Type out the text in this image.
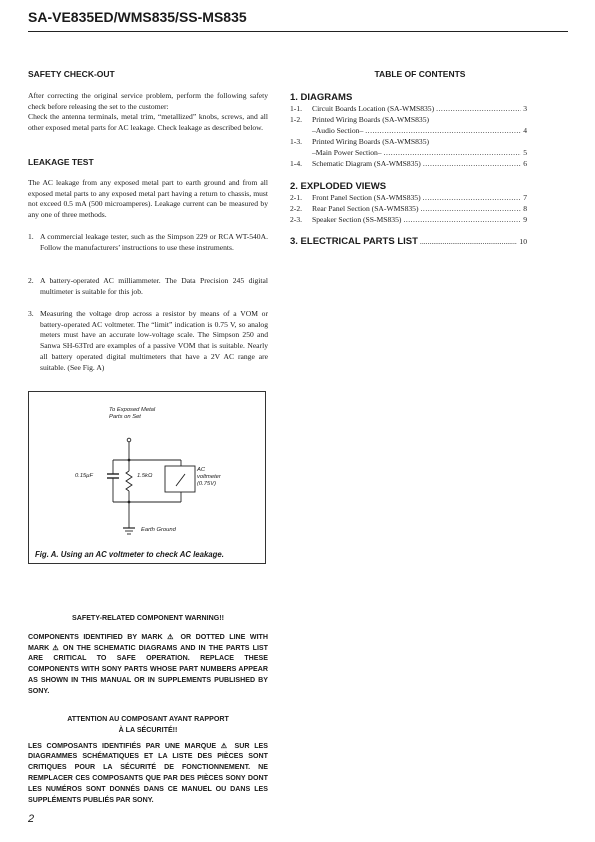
SA-VE835ED/WMS835/SS-MS835
SAFETY CHECK-OUT
After correcting the original service problem, perform the following safety check before releasing the set to the customer:
Check the antenna terminals, metal trim, “metallized” knobs, screws, and all other exposed metal parts for AC leakage. Check leakage as described below.
LEAKAGE TEST
The AC leakage from any exposed metal part to earth ground and from all exposed metal parts to any exposed metal part having a return to chassis, must not exceed 0.5 mA (500 microamperes). Leakage current can be measured by any one of three methods.
1. A commercial leakage tester, such as the Simpson 229 or RCA WT-540A. Follow the manufacturers’ instructions to use these instruments.
2. A battery-operated AC milliammeter. The Data Precision 245 digital multimeter is suitable for this job.
3. Measuring the voltage drop across a resistor by means of a VOM or battery-operated AC voltmeter. The “limit” indication is 0.75 V, so analog meters must have an accurate low-voltage scale. The Simpson 250 and Sanwa SH-63Trd are examples of a passive VOM that is suitable. Nearly all battery operated digital multimeters that have a 2V AC range are suitable. (See Fig. A)
To Exposed Metal
Parts on Set
0.15μF	1.5kΩ
AC
voltmeter
(0.75V)
Earth Ground
Fig. A. Using an AC voltmeter to check AC leakage.
SAFETY-RELATED COMPONENT WARNING!!
COMPONENTS IDENTIFIED BY MARK ⚠ OR DOTTED LINE WITH MARK ⚠ ON THE SCHEMATIC DIAGRAMS AND IN THE PARTS LIST ARE CRITICAL TO SAFE OPERATION. REPLACE THESE COMPONENTS WITH SONY PARTS WHOSE PART NUMBERS APPEAR AS SHOWN IN THIS MANUAL OR IN SUPPLEMENTS PUBLISHED BY SONY.
ATTENTION AU COMPOSANT AYANT RAPPORT
À LA SÉCURITÉ!!
LES COMPOSANTS IDENTIFIÉS PAR UNE MARQUE ⚠ SUR LES DIAGRAMMES SCHÉMATIQUES ET LA LISTE DES PIÈCES SONT CRITIQUES POUR LA SÉCURITÉ DE FONCTIONNEMENT. NE REMPLACER CES COMPOSANTS QUE PAR DES PIÈCES SONY DONT LES NUMÉROS SONT DONNÉS DANS CE MANUEL OU DANS LES SUPPLÉMENTS PUBLIÉS PAR SONY.
2
TABLE OF CONTENTS
1. DIAGRAMS
1-1.	Circuit Boards Location (SA-WMS835) .....	3
1-2.	Printed Wiring Boards (SA-WMS835)
–Audio Section– .....	4
1-3.	Printed Wiring Boards (SA-WMS835)
–Main Power Section– .....	5
1-4.	Schematic Diagram (SA-WMS835) .....	6
2. EXPLODED VIEWS
2-1.	Front Panel Section (SA-WMS835) .....	7
2-2.	Rear Panel Section (SA-WMS835) .....	8
2-3.	Speaker Section (SS-MS835) .....	9
3. ELECTRICAL PARTS LIST .....	10
